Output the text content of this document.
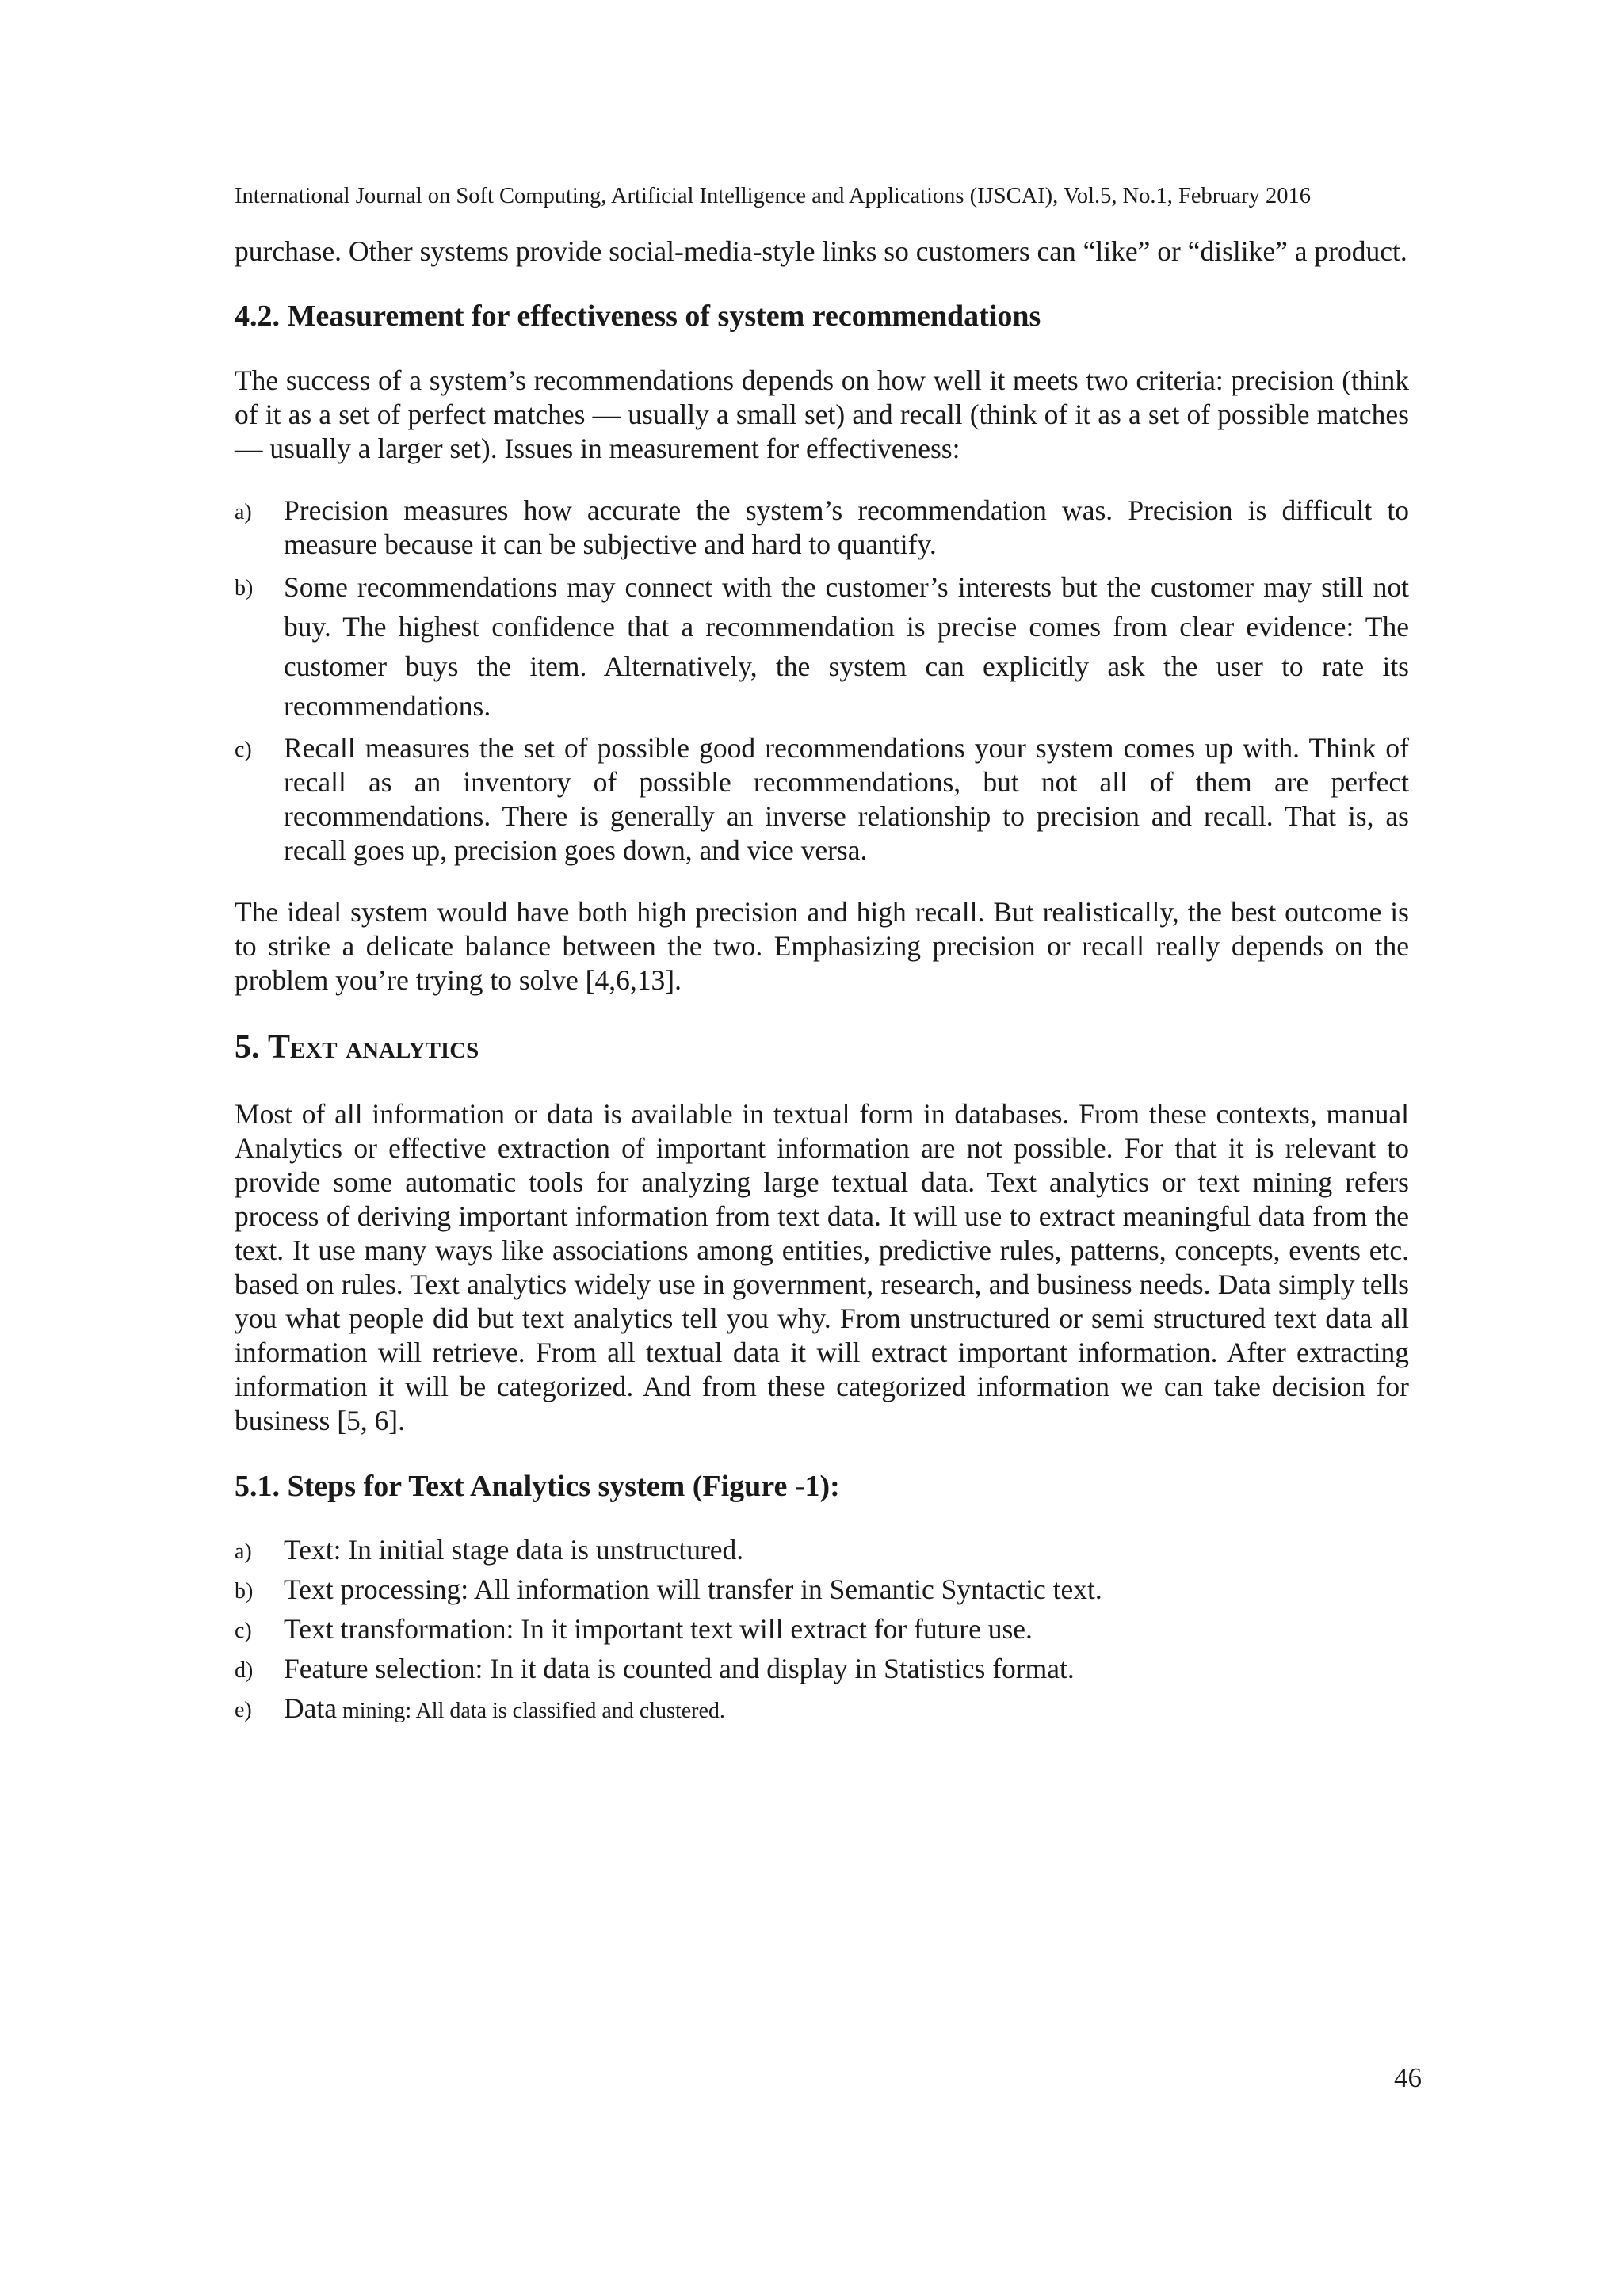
International Journal on Soft Computing, Artificial Intelligence and Applications (IJSCAI), Vol.5, No.1, February 2016

purchase. Other systems provide social-media-style links so customers can “like” or “dislike” a product.

4.2. Measurement for effectiveness of system recommendations

The success of a system’s recommendations depends on how well it meets two criteria: precision (think of it as a set of perfect matches — usually a small set) and recall (think of it as a set of possible matches — usually a larger set). Issues in measurement for effectiveness:

a) Precision measures how accurate the system’s recommendation was. Precision is difficult to measure because it can be subjective and hard to quantify.
b) Some recommendations may connect with the customer’s interests but the customer may still not buy. The highest confidence that a recommendation is precise comes from clear evidence: The customer buys the item. Alternatively, the system can explicitly ask the user to rate its recommendations.
c) Recall measures the set of possible good recommendations your system comes up with. Think of recall as an inventory of possible recommendations, but not all of them are perfect recommendations. There is generally an inverse relationship to precision and recall. That is, as recall goes up, precision goes down, and vice versa.

The ideal system would have both high precision and high recall. But realistically, the best outcome is to strike a delicate balance between the two. Emphasizing precision or recall really depends on the problem you’re trying to solve [4,6,13].

5. Text analytics

Most of all information or data is available in textual form in databases. From these contexts, manual Analytics or effective extraction of important information are not possible. For that it is relevant to provide some automatic tools for analyzing large textual data. Text analytics or text mining refers process of deriving important information from text data. It will use to extract meaningful data from the text. It use many ways like associations among entities, predictive rules, patterns, concepts, events etc. based on rules. Text analytics widely use in government, research, and business needs. Data simply tells you what people did but text analytics tell you why. From unstructured or semi structured text data all information will retrieve. From all textual data it will extract important information. After extracting information it will be categorized. And from these categorized information we can take decision for business [5, 6].

5.1. Steps for Text Analytics system (Figure -1):
a) Text: In initial stage data is unstructured.
b) Text processing: All information will transfer in Semantic Syntactic text.
c) Text transformation: In it important text will extract for future use.
d) Feature selection: In it data is counted and display in Statistics format.
e) Data mining: All data is classified and clustered.
46
